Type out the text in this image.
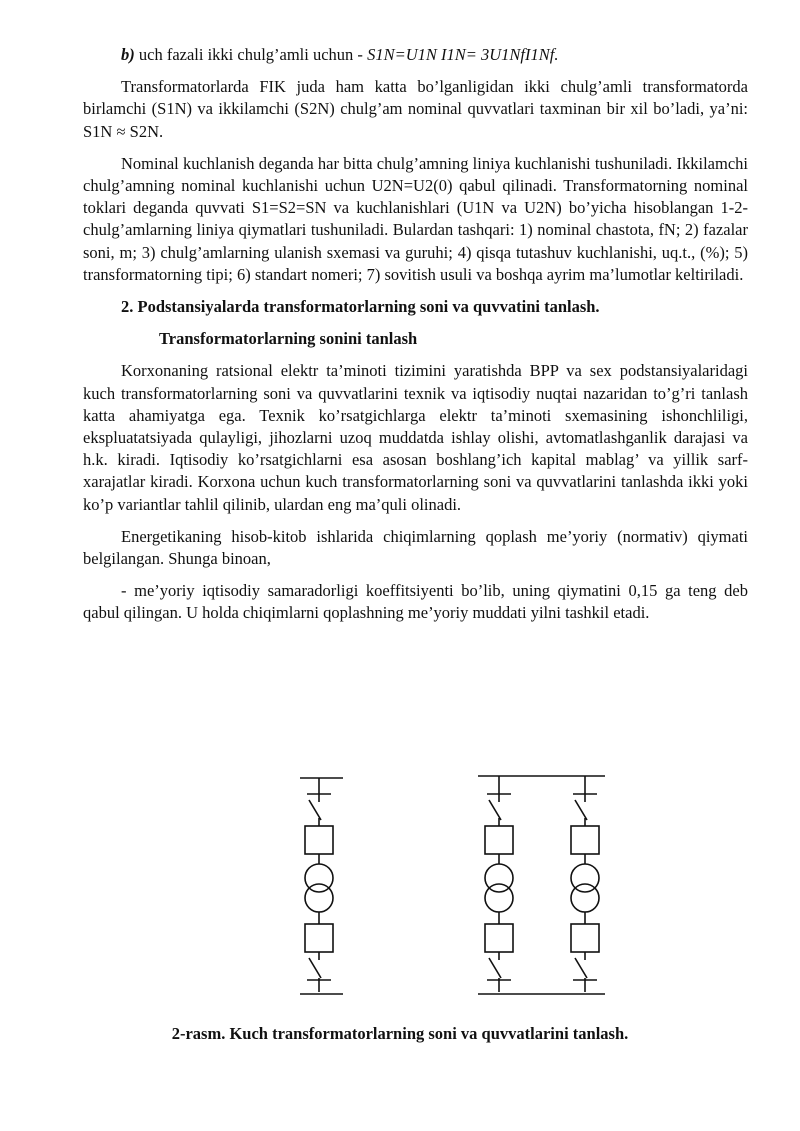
b) uch fazali ikki chulg’amli uchun - S1N=U1N I1N= 3U1NfI1Nf.

Transformatorlarda FIK juda ham katta bo’lganligidan ikki chulg’amli transformatorda birlamchi (S1N) va ikkilamchi (S2N) chulg’am nominal quvvatlari taxminan bir xil bo’ladi, ya’ni: S1N ≈ S2N.

Nominal kuchlanish deganda har bitta chulg’amning liniya kuchlanishi tushuniladi. Ikkilamchi chulg’amning nominal kuchlanishi uchun U2N=U2(0) qabul qilinadi. Transformatorning nominal toklari deganda quvvati S1=S2=SN va kuchlanishlari (U1N va U2N) bo’yicha hisoblangan 1-2-chulg’amlarning liniya qiymatlari tushuniladi. Bulardan tashqari: 1) nominal chastota, fN; 2) fazalar soni, m; 3) chulg’amlarning ulanish sxemasi va guruhi; 4) qisqa tutashuv kuchlanishi, uq.t., (%); 5) transformatorning tipi; 6) standart nomeri; 7) sovitish usuli va boshqa ayrim ma’lumotlar keltiriladi.

2. Podstansiyalarda transformatorlarning soni va quvvatini tanlash.
Transformatorlarning sonini tanlash

Korxonaning ratsional elektr ta’minoti tizimini yaratishda BPP va sex podstansiyalaridagi kuch transformatorlarning soni va quvvatlarini texnik va iqtisodiy nuqtai nazaridan to’g’ri tanlash katta ahamiyatga ega. Texnik ko’rsatgichlarga elektr ta’minoti sxemasining ishonchliligi, ekspluatatsiyada qulayligi, jihozlarni uzoq muddatda ishlay olishi, avtomatlashganlik darajasi va h.k. kiradi. Iqtisodiy ko’rsatgichlarni esa asosan boshlang’ich kapital mablag’ va yillik sarf-xarajatlar kiradi. Korxona uchun kuch transformatorlarning soni va quvvatlarini tanlashda ikki yoki ko’p variantlar tahlil qilinib, ulardan eng ma’quli olinadi.

Energetikaning hisob-kitob ishlarida chiqimlarning qoplash me’yoriy (normativ) qiymati belgilangan. Shunga binoan,

- me’yoriy iqtisodiy samaradorligi koeffitsiyenti bo’lib, uning qiymatini 0,15 ga teng deb qabul qilingan. U holda chiqimlarni qoplashning me’yoriy muddati yilni tashkil etadi.

2-rasm. Kuch transformatorlarning soni va quvvatlarini tanlash.
